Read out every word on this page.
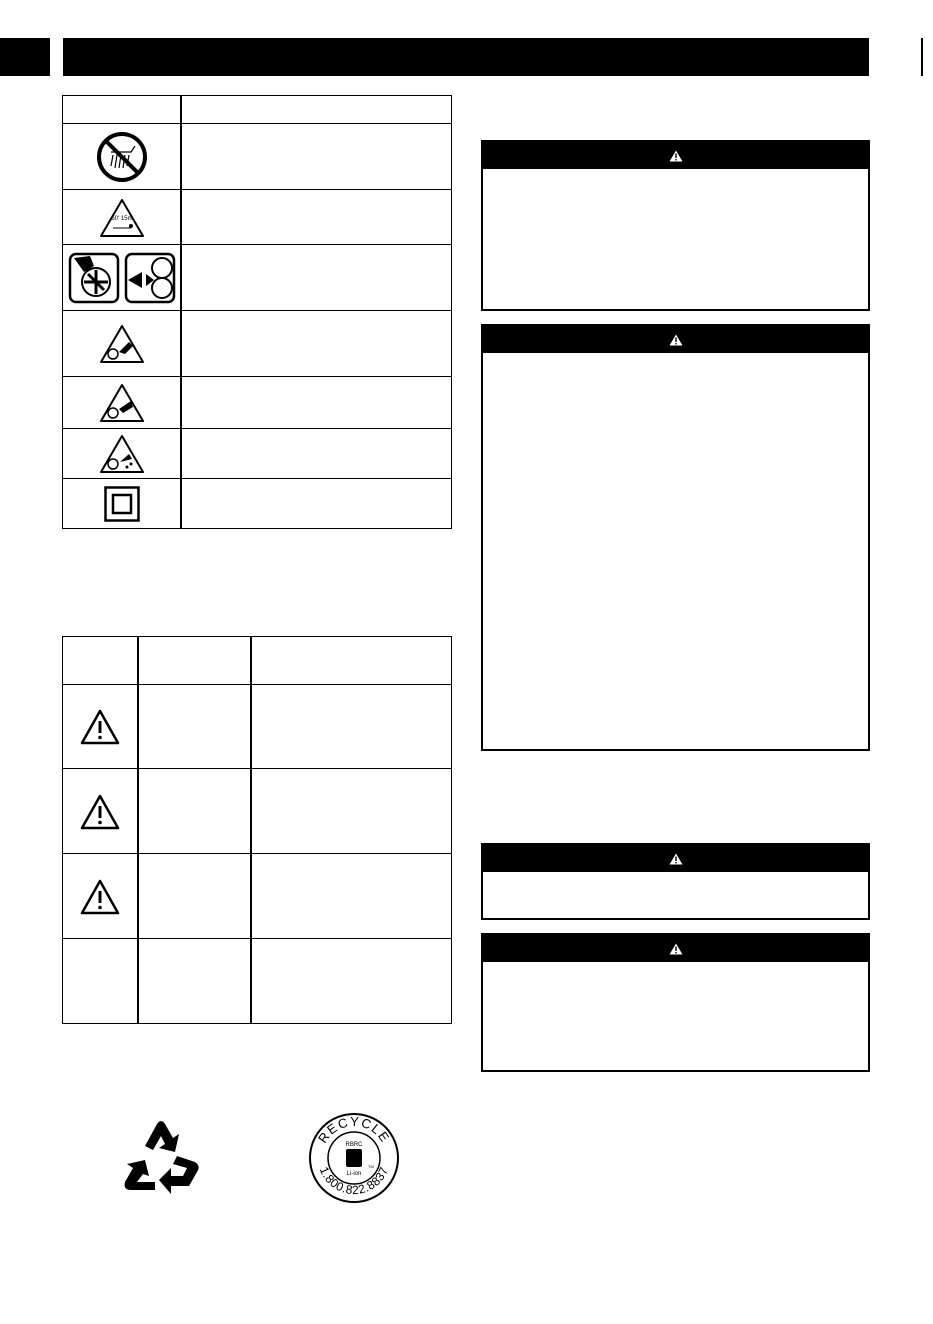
50' 15m
RECYCLE
1.800.822.8837
RBRC
Li-ion
TM
